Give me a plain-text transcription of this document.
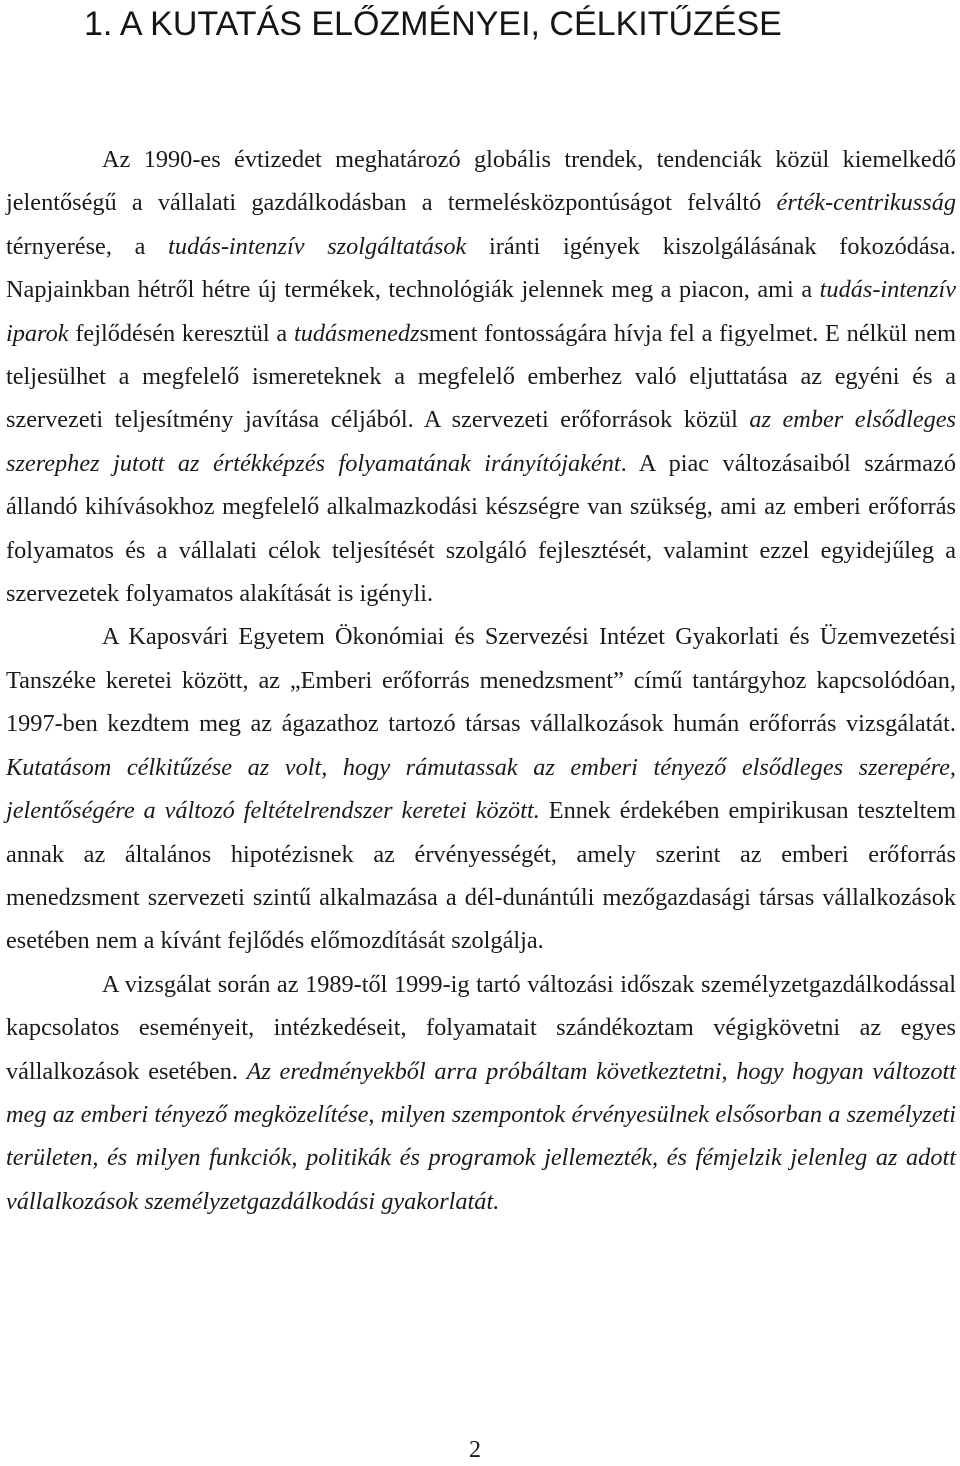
1. A KUTATÁS ELŐZMÉNYEI, CÉLKITŰZÉSE

Az 1990-es évtizedet meghatározó globális trendek, tendenciák közül kiemelkedő jelentőségű a vállalati gazdálkodásban a termelésközpontúságot felváltó érték-centrikusság térnyerése, a tudás-intenzív szolgáltatások iránti igények kiszolgálásának fokozódása. Napjainkban hétről hétre új termékek, technológiák jelennek meg a piacon, ami a tudás-intenzív iparok fejlődésén keresztül a tudásmenedzsment fontosságára hívja fel a figyelmet. E nélkül nem teljesülhet a megfelelő ismereteknek a megfelelő emberhez való eljuttatása az egyéni és a szervezeti teljesítmény javítása céljából. A szervezeti erőforrások közül az ember elsődleges szerephez jutott az értékképzés folyamatának irányítójaként. A piac változásaiból származó állandó kihívásokhoz megfelelő alkalmazkodási készségre van szükség, ami az emberi erőforrás folyamatos és a vállalati célok teljesítését szolgáló fejlesztését, valamint ezzel egyidejűleg a szervezetek folyamatos alakítását is igényli.

A Kaposvári Egyetem Ökonómiai és Szervezési Intézet Gyakorlati és Üzemvezetési Tanszéke keretei között, az „Emberi erőforrás menedzsment” című tantárgyhoz kapcsolódóan, 1997-ben kezdtem meg az ágazathoz tartozó társas vállalkozások humán erőforrás vizsgálatát. Kutatásom célkitűzése az volt, hogy rámutassak az emberi tényező elsődleges szerepére, jelentőségére a változó feltételrendszer keretei között. Ennek érdekében empirikusan teszteltem annak az általános hipotézisnek az érvényességét, amely szerint az emberi erőforrás menedzsment szervezeti szintű alkalmazása a dél-dunántúli mezőgazdasági társas vállalkozások esetében nem a kívánt fejlődés előmozdítását szolgálja.

A vizsgálat során az 1989-től 1999-ig tartó változási időszak személyzetgazdálkodással kapcsolatos eseményeit, intézkedéseit, folyamatait szándékoztam végigkövetni az egyes vállalkozások esetében. Az eredményekből arra próbáltam következtetni, hogy hogyan változott meg az emberi tényező megközelítése, milyen szempontok érvényesülnek elsősorban a személyzeti területen, és milyen funkciók, politikák és programok jellemezték, és fémjelzik jelenleg az adott vállalkozások személyzetgazdálkodási gyakorlatát.

2
